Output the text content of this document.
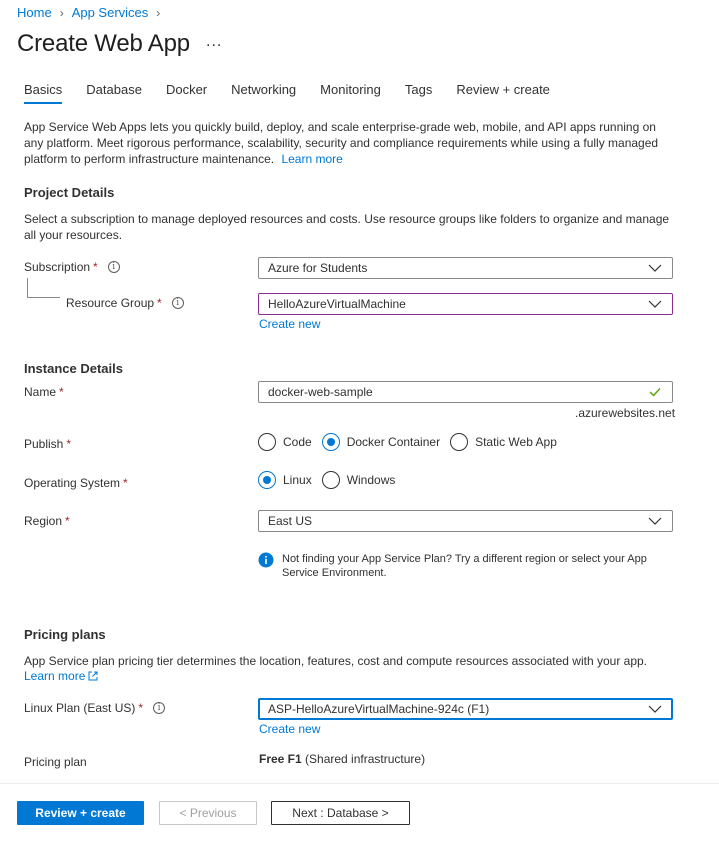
Home › App Services ›
Create Web App ...
Basics Database Docker Networking Monitoring Tags Review + create
App Service Web Apps lets you quickly build, deploy, and scale enterprise-grade web, mobile, and API apps running on any platform. Meet rigorous performance, scalability, security and compliance requirements while using a fully managed platform to perform infrastructure maintenance. Learn more
Project Details
Select a subscription to manage deployed resources and costs. Use resource groups like folders to organize and manage all your resources.
Subscription *	i	Azure for Students
Resource Group *	i	HelloAzureVirtualMachine
Create new
Instance Details
Name *	docker-web-sample
.azurewebsites.net
Publish *	Code	Docker Container	Static Web App
Operating System *	Linux	Windows
Region *	East US
Not finding your App Service Plan? Try a different region or select your App Service Environment.
Pricing plans
App Service plan pricing tier determines the location, features, cost and compute resources associated with your app.
Learn more
Linux Plan (East US) *	i	ASP-HelloAzureVirtualMachine-924c (F1)
Create new
Pricing plan	Free F1 (Shared infrastructure)
Review + create	< Previous	Next : Database >
